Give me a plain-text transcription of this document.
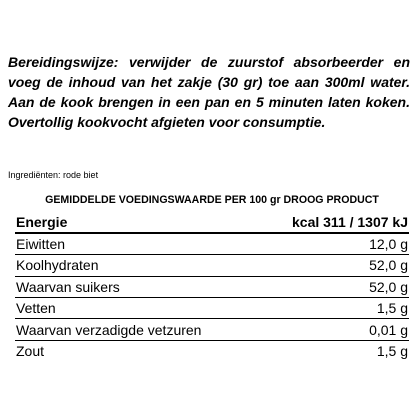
Bereidingswijze: verwijder de zuurstof absorbeerder en voeg de inhoud van het zakje (30 gr) toe aan 300ml water. Aan de kook brengen in een pan en 5 minuten laten koken. Overtollig kookvocht afgieten voor consumptie.

Ingrediënten: rode biet

GEMIDDELDE VOEDINGSWAARDE PER 100 gr DROOG PRODUCT

Energie	kcal 311 / 1307 kJ
Eiwitten	12,0 g
Koolhydraten	52,0 g
Waarvan suikers	52,0 g
Vetten	1,5 g
Waarvan verzadigde vetzuren	0,01 g
Zout	1,5 g
